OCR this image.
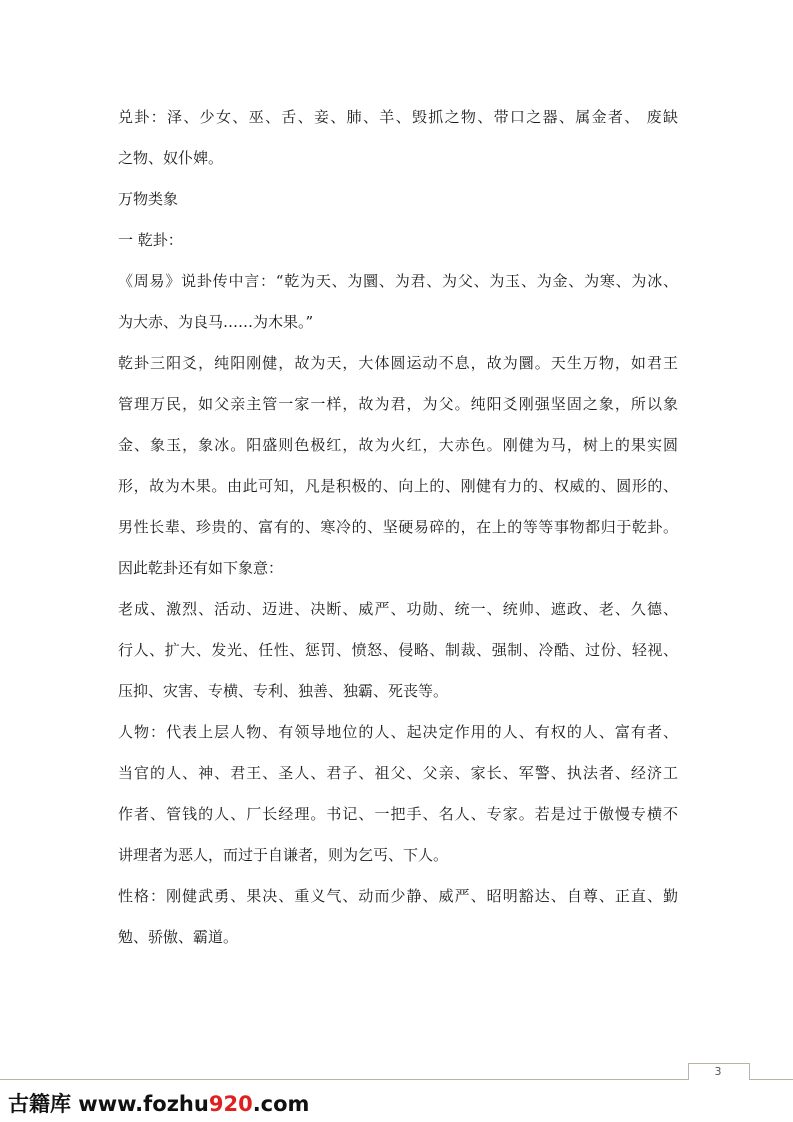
兑卦：泽、少女、巫、舌、妾、肺、羊、毁抓之物、带口之器、属金者、 废缺
之物、奴仆婢。
万物类象
一 乾卦：
《周易》说卦传中言：“乾为天、为圜、为君、为父、为玉、为金、为寒、为冰、
为大赤、为良马……为木果。”
乾卦三阳爻，纯阳刚健，故为天，大体圆运动不息，故为圜。天生万物，如君王
管理万民，如父亲主管一家一样，故为君，为父。纯阳爻刚强坚固之象，所以象
金、象玉，象冰。阳盛则色极红，故为火红，大赤色。刚健为马，树上的果实圆
形，故为木果。由此可知，凡是积极的、向上的、刚健有力的、权威的、圆形的、
男性长辈、珍贵的、富有的、寒冷的、坚硬易碎的，在上的等等事物都归于乾卦。
因此乾卦还有如下象意：
老成、激烈、活动、迈进、决断、威严、功勋、统一、统帅、遮政、老、久德、
行人、扩大、发光、任性、惩罚、愤怒、侵略、制裁、强制、冷酷、过份、轻视、
压抑、灾害、专横、专利、独善、独霸、死丧等。
人物：代表上层人物、有领导地位的人、起决定作用的人、有权的人、富有者、
当官的人、神、君王、圣人、君子、祖父、父亲、家长、军警、执法者、经济工
作者、管钱的人、厂长经理。书记、一把手、名人、专家。若是过于傲慢专横不
讲理者为恶人，而过于自谦者，则为乞丐、下人。
性格：刚健武勇、果决、重义气、动而少静、威严、昭明豁达、自尊、正直、勤
勉、骄傲、霸道。
3
古籍库 www.fozhu920.com
